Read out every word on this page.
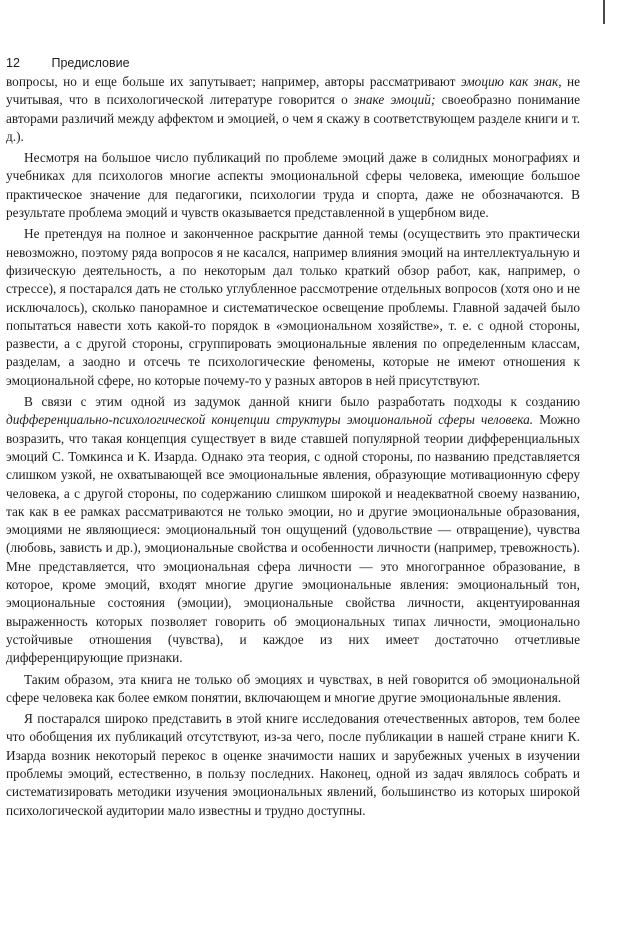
12	Предисловие

вопросы, но и еще больше их запутывает; например, авторы рассматривают эмоцию как знак, не учитывая, что в психологической литературе говорится о знаке эмоций; своеобразно понимание авторами различий между аффектом и эмоцией, о чем я скажу в соответствующем разделе книги и т. д.).

Несмотря на большое число публикаций по проблеме эмоций даже в солидных монографиях и учебниках для психологов многие аспекты эмоциональной сферы человека, имеющие большое практическое значение для педагогики, психологии труда и спорта, даже не обозначаются. В результате проблема эмоций и чувств оказывается представленной в ущербном виде.

Не претендуя на полное и законченное раскрытие данной темы (осуществить это практически невозможно, поэтому ряда вопросов я не касался, например влияния эмоций на интеллектуальную и физическую деятельность, а по некоторым дал только краткий обзор работ, как, например, о стрессе), я постарался дать не столько углубленное рассмотрение отдельных вопросов (хотя оно и не исключалось), сколько панорамное и систематическое освещение проблемы. Главной задачей было попытаться навести хоть какой-то порядок в «эмоциональном хозяйстве», т. е. с одной стороны, развести, а с другой стороны, сгруппировать эмоциональные явления по определенным классам, разделам, а заодно и отсечь те психологические феномены, которые не имеют отношения к эмоциональной сфере, но которые почему-то у разных авторов в ней присутствуют.

В связи с этим одной из задумок данной книги было разработать подходы к созданию дифференциально-психологической концепции структуры эмоциональной сферы человека. Можно возразить, что такая концепция существует в виде ставшей популярной теории дифференциальных эмоций С. Томкинса и К. Изарда. Однако эта теория, с одной стороны, по названию представляется слишком узкой, не охватывающей все эмоциональные явления, образующие мотивационную сферу человека, а с другой стороны, по содержанию слишком широкой и неадекватной своему названию, так как в ее рамках рассматриваются не только эмоции, но и другие эмоциональные образования, эмоциями не являющиеся: эмоциональный тон ощущений (удовольствие — отвращение), чувства (любовь, зависть и др.), эмоциональные свойства и особенности личности (например, тревожность). Мне представляется, что эмоциональная сфера личности — это многогранное образование, в которое, кроме эмоций, входят многие другие эмоциональные явления: эмоциональный тон, эмоциональные состояния (эмоции), эмоциональные свойства личности, акцентуированная выраженность которых позволяет говорить об эмоциональных типах личности, эмоционально устойчивые отношения (чувства), и каждое из них имеет достаточно отчетливые дифференцирующие признаки.

Таким образом, эта книга не только об эмоциях и чувствах, в ней говорится об эмоциональной сфере человека как более емком понятии, включающем и многие другие эмоциональные явления.

Я постарался широко представить в этой книге исследования отечественных авторов, тем более что обобщения их публикаций отсутствуют, из-за чего, после публикации в нашей стране книги К. Изарда возник некоторый перекос в оценке значимости наших и зарубежных ученых в изучении проблемы эмоций, естественно, в пользу последних. Наконец, одной из задач являлось собрать и систематизировать методики изучения эмоциональных явлений, большинство из которых широкой психологической аудитории мало известны и трудно доступны.
